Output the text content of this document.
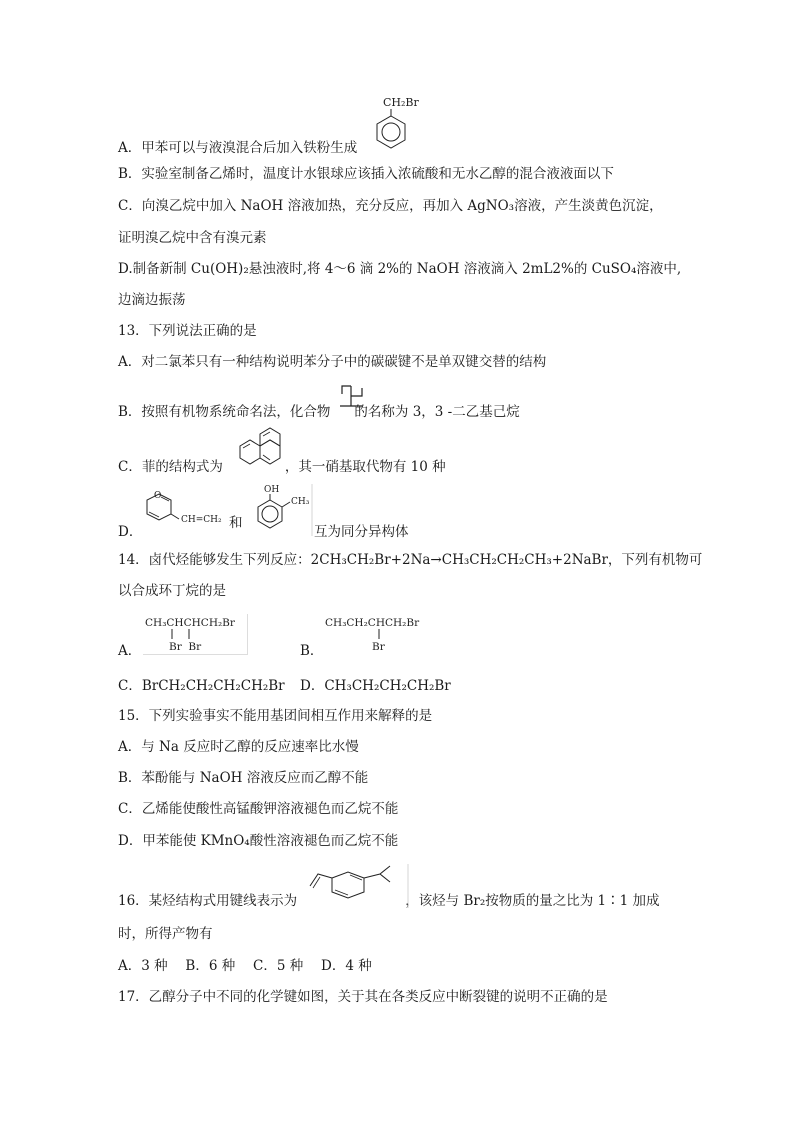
CH₂Br
A．甲苯可以与液溴混合后加入铁粉生成
B．实验室制备乙烯时，温度计水银球应该插入浓硫酸和无水乙醇的混合液液面以下
C．向溴乙烷中加入 NaOH 溶液加热，充分反应，再加入 AgNO₃溶液，产生淡黄色沉淀，
证明溴乙烷中含有溴元素
D.制备新制 Cu(OH)₂悬浊液时,将 4～6 滴 2%的 NaOH 溶液滴入 2mL2%的 CuSO₄溶液中,
边滴边振荡
13．下列说法正确的是
A．对二氯苯只有一种结构说明苯分子中的碳碳键不是单双键交替的结构
B．按照有机物系统命名法，化合物 的名称为 3，3 -二乙基己烷
C．菲的结构式为	，其一硝基取代物有 10 种
D．
O
CH=CH₂ 和
OH
CH₃
互为同分异构体
14．卤代烃能够发生下列反应：2CH₃CH₂Br+2Na→CH₃CH₂CH₂CH₃+2NaBr，下列有机物可
以合成环丁烷的是
A．
CH₃CHCHCH₂Br
Br  Br	B．
CH₃CH₂CHCH₂Br
Br
C．BrCH₂CH₂CH₂CH₂Br D．CH₃CH₂CH₂CH₂Br
15．下列实验事实不能用基团间相互作用来解释的是
A．与 Na 反应时乙醇的反应速率比水慢
B．苯酚能与 NaOH 溶液反应而乙醇不能
C．乙烯能使酸性高锰酸钾溶液褪色而乙烷不能
D．甲苯能使 KMnO₄酸性溶液褪色而乙烷不能
16．某烃结构式用键线表示为	，该烃与 Br₂按物质的量之比为 1∶1 加成
时，所得产物有
A．3 种　 B．6 种　 C．5 种　 D．4 种
17．乙醇分子中不同的化学键如图，关于其在各类反应中断裂键的说明不正确的是
